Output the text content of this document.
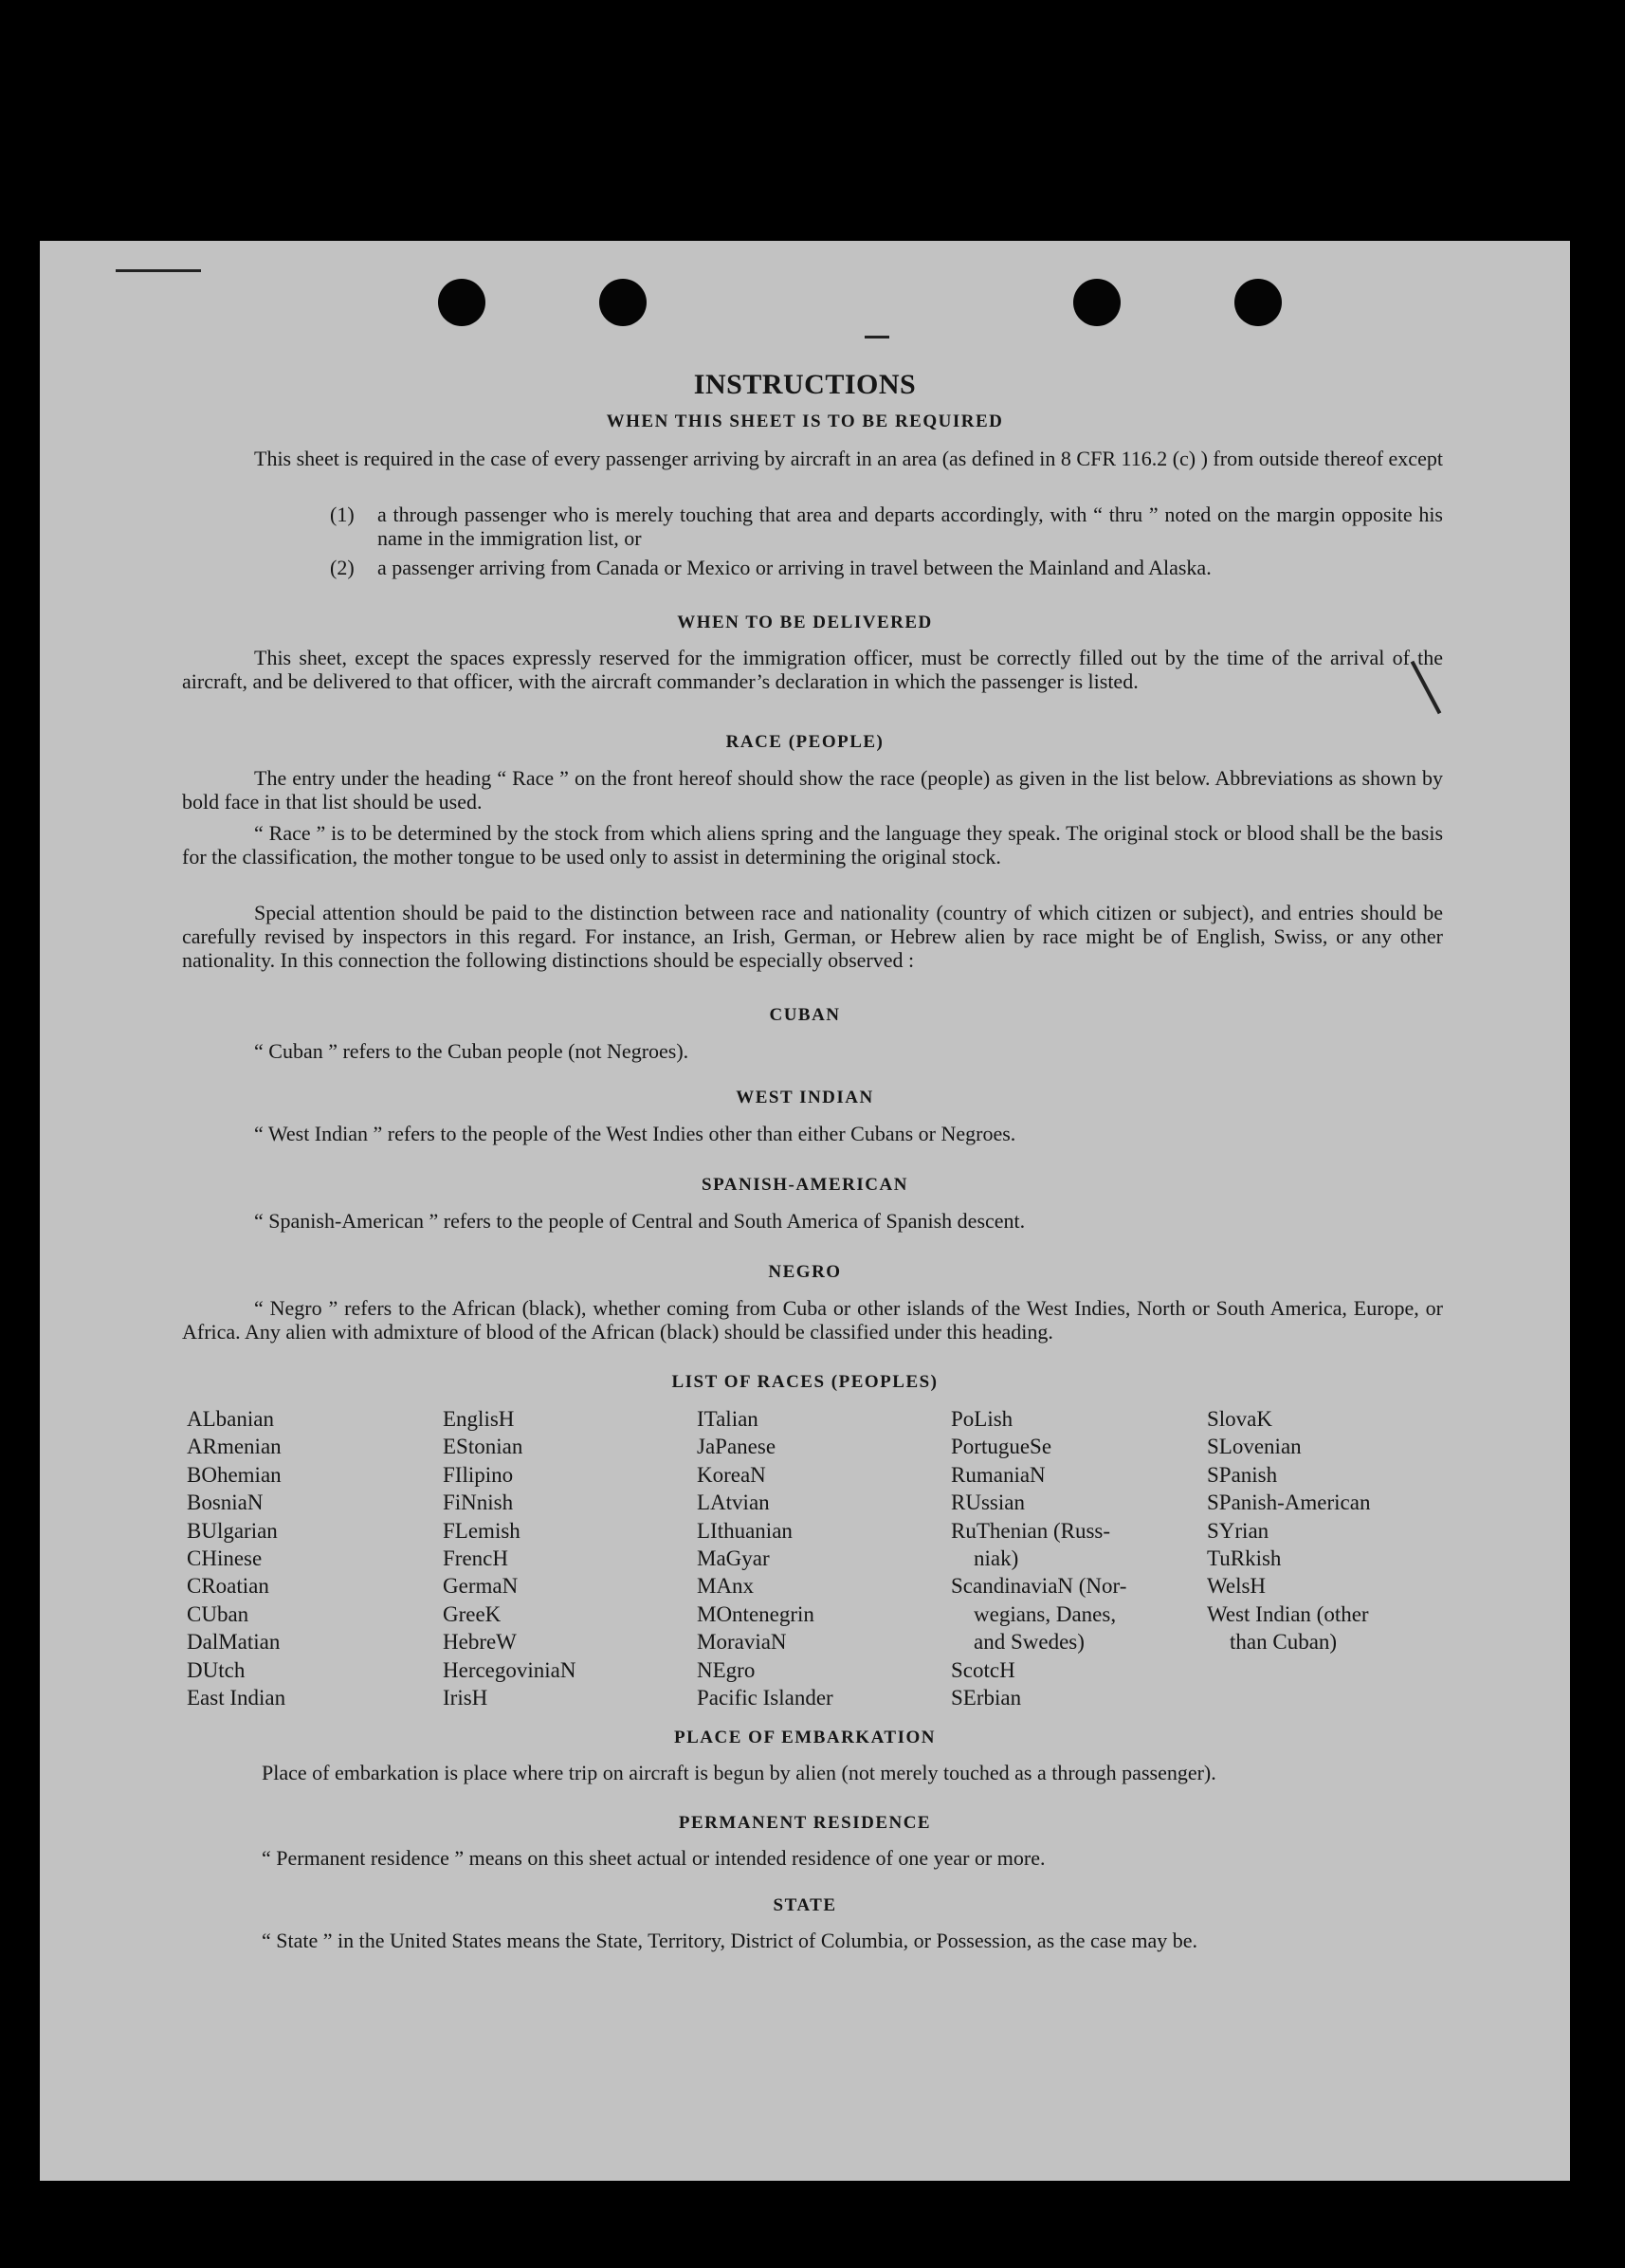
INSTRUCTIONS
WHEN THIS SHEET IS TO BE REQUIRED
This sheet is required in the case of every passenger arriving by aircraft in an area (as defined in 8 CFR 116.2 (c) ) from outside thereof except
(1) a through passenger who is merely touching that area and departs accordingly, with “ thru ” noted on the margin opposite his name in the immigration list, or
(2) a passenger arriving from Canada or Mexico or arriving in travel between the Mainland and Alaska.
WHEN TO BE DELIVERED
This sheet, except the spaces expressly reserved for the immigration officer, must be correctly filled out by the time of the arrival of the aircraft, and be delivered to that officer, with the aircraft commander’s declaration in which the passenger is listed.
RACE (PEOPLE)
The entry under the heading “ Race ” on the front hereof should show the race (people) as given in the list below. Abbreviations as shown by bold face in that list should be used.
“ Race ” is to be determined by the stock from which aliens spring and the language they speak. The original stock or blood shall be the basis for the classification, the mother tongue to be used only to assist in determining the original stock.
Special attention should be paid to the distinction between race and nationality (country of which citizen or subject), and entries should be carefully revised by inspectors in this regard. For instance, an Irish, German, or Hebrew alien by race might be of English, Swiss, or any other nationality. In this connection the following distinctions should be especially observed :
CUBAN
“ Cuban ” refers to the Cuban people (not Negroes).
WEST INDIAN
“ West Indian ” refers to the people of the West Indies other than either Cubans or Negroes.
SPANISH-AMERICAN
“ Spanish-American ” refers to the people of Central and South America of Spanish descent.
NEGRO
“ Negro ” refers to the African (black), whether coming from Cuba or other islands of the West Indies, North or South America, Europe, or Africa. Any alien with admixture of blood of the African (black) should be classified under this heading.
LIST OF RACES (PEOPLES)
ALbanian
ARmenian
BOhemian
BosniaN
BUlgarian
CHinese
CRoatian
CUban
DalMatian
DUtch
East Indian
EnglisH
EStonian
FIlipino
FiNnish
FLemish
FrencH
GermaN
GreeK
HebreW
HercegoviniaN
IrisH
ITalian
JaPanese
KoreaN
LAtvian
LIthuanian
MaGyar
MAnx
MOntenegrin
MoraviaN
NEgro
Pacific Islander
PoLish
PortugueSe
RumaniaN
RUssian
RuThenian (Russ-
niak)
ScandinaviaN (Nor-
wegians, Danes,
and Swedes)
ScotcH
SErbian
SlovaK
SLovenian
SPanish
SPanish-American
SYrian
TuRkish
WelsH
West Indian (other
than Cuban)
PLACE OF EMBARKATION
Place of embarkation is place where trip on aircraft is begun by alien (not merely touched as a through passenger).
PERMANENT RESIDENCE
“ Permanent residence ” means on this sheet actual or intended residence of one year or more.
STATE
“ State ” in the United States means the State, Territory, District of Columbia, or Possession, as the case may be.
